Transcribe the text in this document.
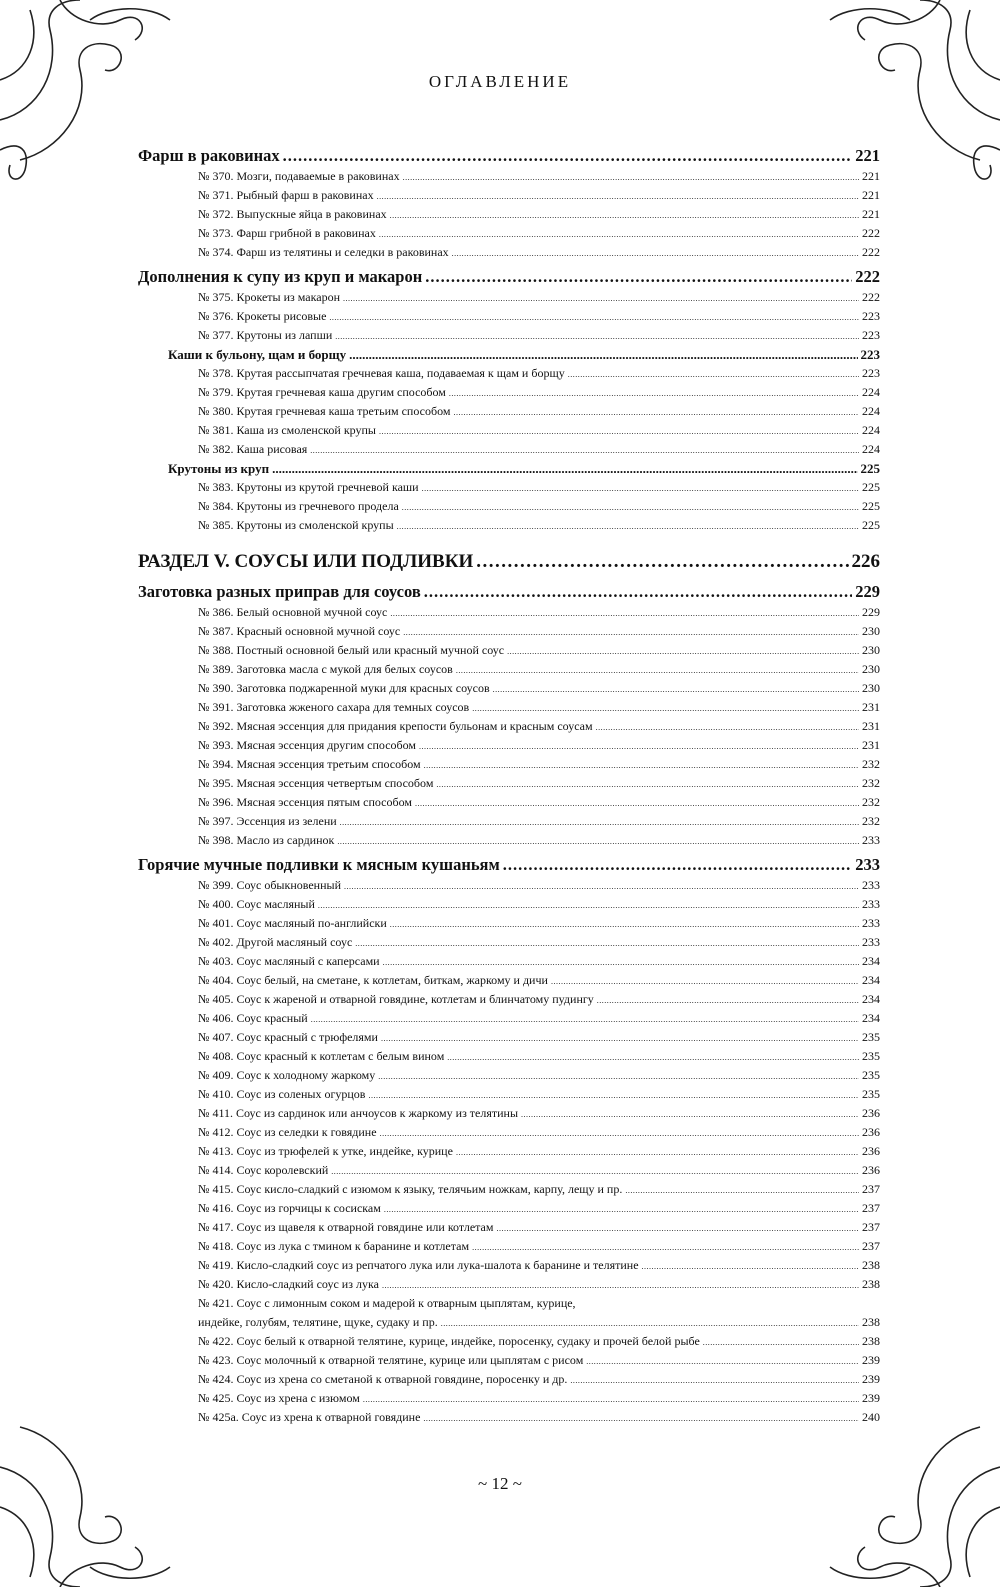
ОГЛАВЛЕНИЕ
Фарш в раковинах .....	221
№ 370. Мозги, подаваемые в раковинах .....	221
№ 371. Рыбный фарш в раковинах .....	221
№ 372. Выпускные яйца в раковинах .....	221
№ 373. Фарш грибной в раковинах .....	222
№ 374. Фарш из телятины и селедки в раковинах .....	222
Дополнения к супу из круп и макарон .....	222
№ 375. Крокеты из макарон .....	222
№ 376. Крокеты рисовые .....	223
№ 377. Крутоны из лапши .....	223
Каши к бульону, щам и борщу .....	223
№ 378. Крутая рассыпчатая гречневая каша, подаваемая к щам и борщу .....	223
№ 379. Крутая гречневая каша другим способом .....	224
№ 380. Крутая гречневая каша третьим способом .....	224
№ 381. Каша из смоленской крупы .....	224
№ 382. Каша рисовая .....	224
Крутоны из круп .....	225
№ 383. Крутоны из крутой гречневой каши .....	225
№ 384. Крутоны из гречневого продела .....	225
№ 385. Крутоны из смоленской крупы .....	225
РАЗДЕЛ V. СОУСЫ ИЛИ ПОДЛИВКИ .....	226
Заготовка разных приправ для соусов .....	229
№ 386. Белый основной мучной соус .....	229
№ 387. Красный основной мучной соус .....	230
№ 388. Постный основной белый или красный мучной соус .....	230
№ 389. Заготовка масла с мукой для белых соусов .....	230
№ 390. Заготовка поджаренной муки для красных соусов .....	230
№ 391. Заготовка жженого сахара для темных соусов .....	231
№ 392. Мясная эссенция для придания крепости бульонам и красным соусам .....	231
№ 393. Мясная эссенция другим способом .....	231
№ 394. Мясная эссенция третьим способом .....	232
№ 395. Мясная эссенция четвертым способом .....	232
№ 396. Мясная эссенция пятым способом .....	232
№ 397. Эссенция из зелени .....	232
№ 398. Масло из сардинок .....	233
Горячие мучные подливки к мясным кушаньям .....	233
№ 399. Соус обыкновенный .....	233
№ 400. Соус масляный .....	233
№ 401. Соус масляный по-английски .....	233
№ 402. Другой масляный соус .....	233
№ 403. Соус масляный с каперсами .....	234
№ 404. Соус белый, на сметане, к котлетам, биткам, жаркому и дичи .....	234
№ 405. Соус к жареной и отварной говядине, котлетам и блинчатому пудингу .....	234
№ 406. Соус красный .....	234
№ 407. Соус красный с трюфелями .....	235
№ 408. Соус красный к котлетам с белым вином .....	235
№ 409. Соус к холодному жаркому .....	235
№ 410. Соус из соленых огурцов .....	235
№ 411. Соус из сардинок или анчоусов к жаркому из телятины .....	236
№ 412. Соус из селедки к говядине .....	236
№ 413. Соус из трюфелей к утке, индейке, курице .....	236
№ 414. Соус королевский .....	236
№ 415. Соус кисло-сладкий с изюмом к языку, телячьим ножкам, карпу, лещу и пр. .....	237
№ 416. Соус из горчицы к сосискам .....	237
№ 417. Соус из щавеля к отварной говядине или котлетам .....	237
№ 418. Соус из лука с тмином к баранине и котлетам .....	237
№ 419. Кисло-сладкий соус из репчатого лука или лука-шалота к баранине и телятине .....	238
№ 420. Кисло-сладкий соус из лука .....	238
№ 421. Соус с лимонным соком и мадерой к отварным цыплятам, курице,
индейке, голубям, телятине, щуке, судаку и пр. .....	238
№ 422. Соус белый к отварной телятине, курице, индейке, поросенку, судаку и прочей белой рыбе .....	238
№ 423. Соус молочный к отварной телятине, курице или цыплятам с рисом .....	239
№ 424. Соус из хрена со сметаной к отварной говядине, поросенку и др. .....	239
№ 425. Соус из хрена с изюмом .....	239
№ 425а. Соус из хрена к отварной говядине .....	240
~ 12 ~
